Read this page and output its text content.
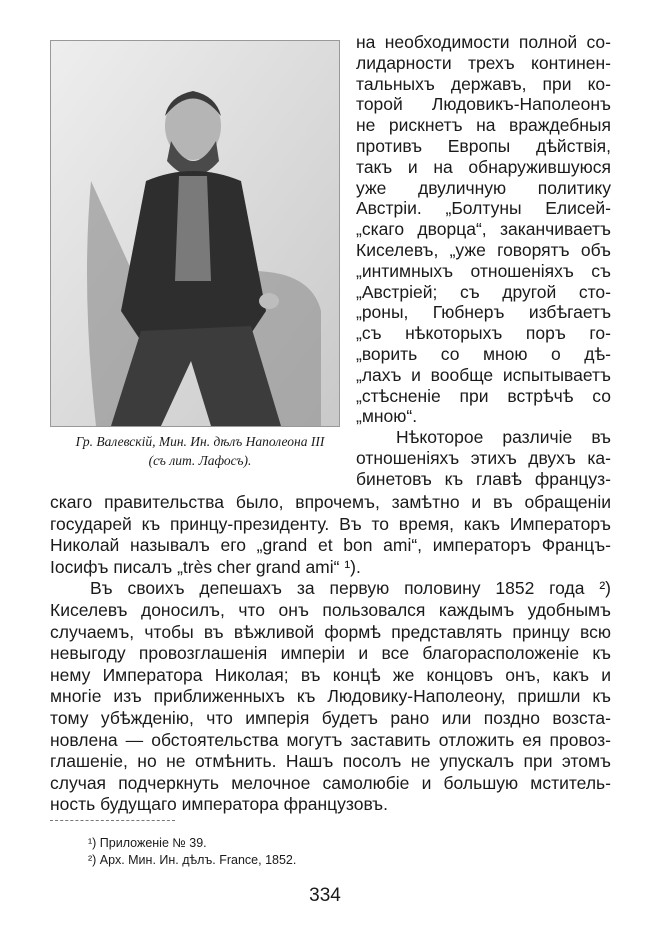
Гр. Валевскій, Мин. Ин. дѣлъ Наполеона III
(съ лит. Лафосъ).
на необходимости полной со-
лидарности трехъ континен-
тальныхъ державъ, при ко-
торой Людовикъ-Наполеонъ
не рискнетъ на враждебныя
противъ Европы дѣйствія,
такъ и на обнаружившуюся
уже двуличную политику
Австріи. „Болтуны Елисей-
„скаго дворца“, заканчиваетъ
Киселевъ, „уже говорятъ объ
„интимныхъ отношеніяхъ съ
„Австріей; съ другой сто-
„роны, Гюбнеръ избѣгаетъ
„съ нѣкоторыхъ поръ го-
„ворить со мною о дѣ-
„лахъ и вообще испытываетъ
„стѣсненіе при встрѣчѣ со
„мною“.
Нѣкоторое различіе въ
отношеніяхъ этихъ двухъ ка-
бинетовъ къ главѣ француз-
скаго правительства было, впрочемъ, замѣтно и въ обращеніи
государей къ принцу-президенту. Въ то время, какъ Императоръ
Николай называлъ его „grand et bon ami“, императоръ Францъ-
Іосифъ писалъ „très cher grand ami“ ¹).
Въ своихъ депешахъ за первую половину 1852 года ²)
Киселевъ доносилъ, что онъ пользовался каждымъ удобнымъ
случаемъ, чтобы въ вѣжливой формѣ представлять принцу всю
невыгоду провозглашенія имперіи и все благорасположеніе къ
нему Императора Николая; въ концѣ же концовъ онъ, какъ и
многіе изъ приближенныхъ къ Людовику-Наполеону, пришли къ
тому убѣжденію, что имперія будетъ рано или поздно возста-
новлена — обстоятельства могутъ заставить отложить ея провоз-
глашеніе, но не отмѣнить. Нашъ посолъ не упускалъ при этомъ
случая подчеркнуть мелочное самолюбіе и большую мститель-
ность будущаго императора французовъ.
¹) Приложеніе № 39.
²) Арх. Мин. Ин. дѣлъ. France, 1852.
334
